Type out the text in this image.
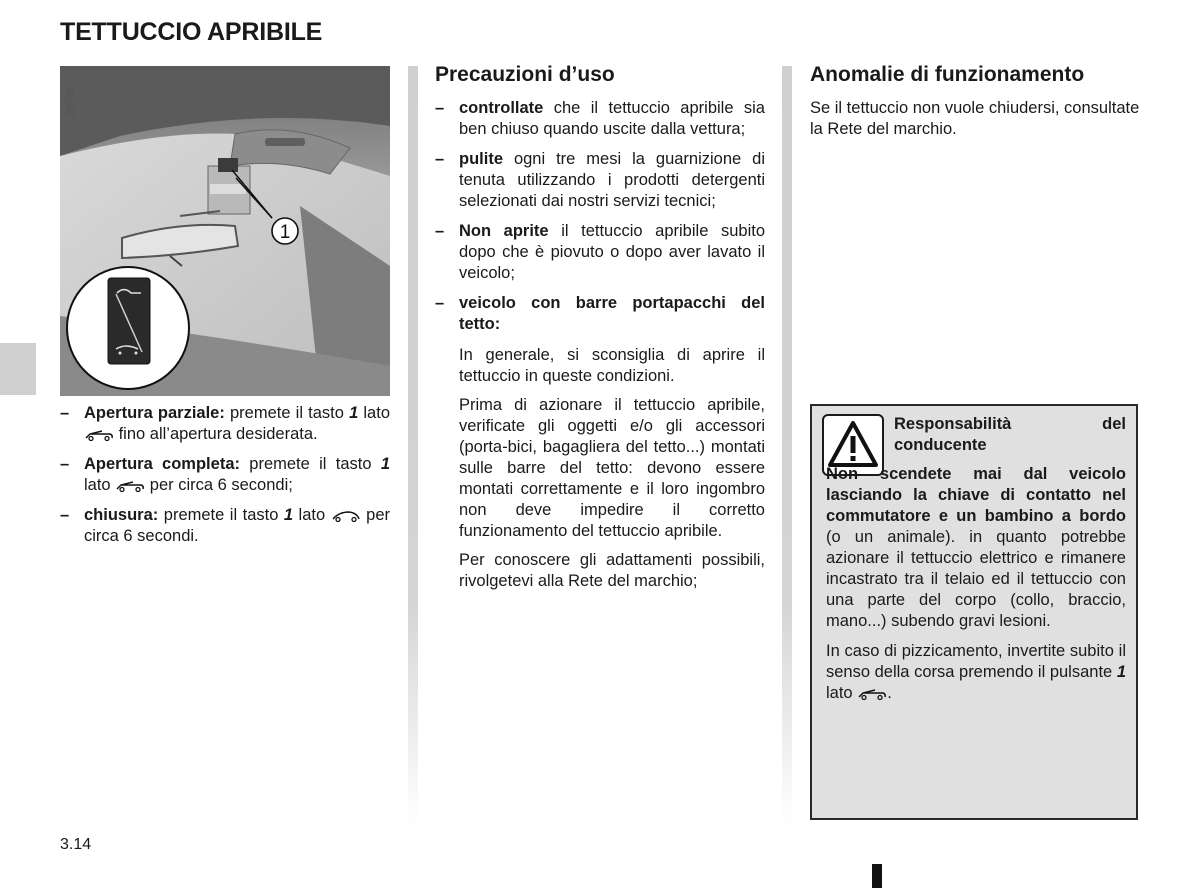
TETTUCCIO APRIBILE
1
38748
– Apertura parziale: premete il tasto 1 lato  fino all’apertura desiderata.
– Apertura completa: premete il tasto 1 lato  per circa 6 secondi;
– chiusura: premete il tasto 1 lato  per circa 6 secondi.
Precauzioni d’uso
– controllate che il tettuccio apribile sia ben chiuso quando uscite dalla vettura;
– pulite ogni tre mesi la guarnizione di tenuta utilizzando i prodotti detergenti selezionati dai nostri servizi tecnici;
– Non aprite il tettuccio apribile subito dopo che è piovuto o dopo aver lavato il veicolo;
– veicolo con barre portapacchi del tetto:

In generale, si sconsiglia di aprire il tettuccio in queste condizioni.

Prima di azionare il tettuccio apribile, verificate gli oggetti e/o gli accessori (porta-bici, bagagliera del tetto...) montati sulle barre del tetto: devono essere montati correttamente e il loro ingombro non deve impedire il corretto funzionamento del tettuccio apribile.

Per conoscere gli adattamenti possibili, rivolgetevi alla Rete del marchio;

Anomalie di funzionamento

Se il tettuccio non vuole chiudersi, consultate la Rete del marchio.

Responsabilità del conducente

Non scendete mai dal veicolo lasciando la chiave di contatto nel commutatore e un bambino a bordo (o un animale). in quanto potrebbe azionare il tettuccio elettrico e rimanere incastrato tra il telaio ed il tettuccio con una parte del corpo (collo, braccio, mano...) subendo gravi lesioni.

In caso di pizzicamento, invertite subito il senso della corsa premendo il pulsante 1 lato .

3.14
